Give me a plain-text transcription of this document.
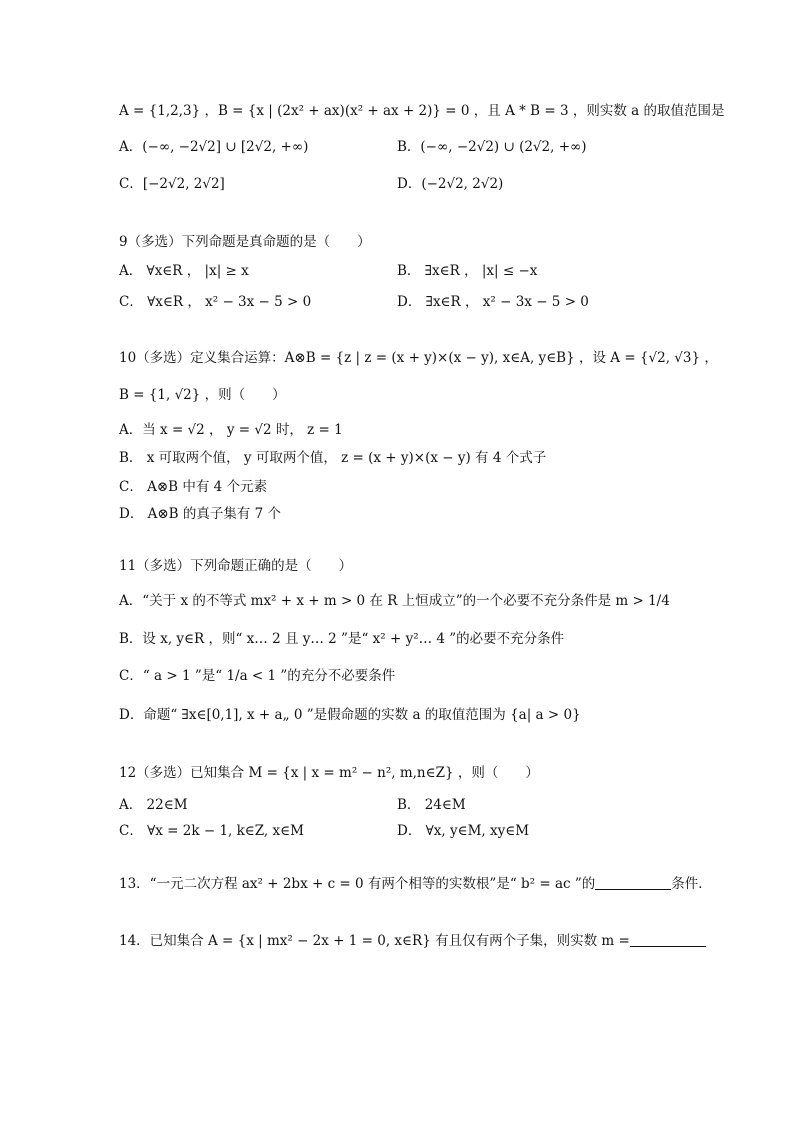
A = {1,2,3} ，B = {x | (2x² + ax)(x² + ax + 2)} = 0 ，且 A * B = 3 ，则实数 a 的取值范围是
A．(−∞, −2√2] ∪ [2√2, +∞)	B．(−∞, −2√2) ∪ (2√2, +∞)
C．[−2√2, 2√2]	D．(−2√2, 2√2)
9（多选）下列命题是真命题的是（　　）
A． ∀x∈R ， |x| ≥ x	B． ∃x∈R ， |x| ≤ −x
C． ∀x∈R ， x² − 3x − 5 > 0	D． ∃x∈R ， x² − 3x − 5 > 0
10（多选）定义集合运算：A⊗B = {z | z = (x + y)×(x − y), x∈A, y∈B} ，设 A = {√2, √3} ，
B = {1, √2} ，则（　　）
A．当 x = √2 ， y = √2 时， z = 1
B． x 可取两个值， y 可取两个值， z = (x + y)×(x − y) 有 4 个式子
C． A⊗B 中有 4 个元素
D． A⊗B 的真子集有 7 个
11（多选）下列命题正确的是（　　）
A．“关于 x 的不等式 mx² + x + m > 0 在 R 上恒成立”的一个必要不充分条件是 m > 1/4
B．设 x, y∈R ，则“ x… 2 且 y… 2 ”是“ x² + y²… 4 ”的必要不充分条件
C．“ a > 1 ”是“ 1/a < 1 ”的充分不必要条件
D．命题“ ∃x∈[0,1], x + a„ 0 ”是假命题的实数 a 的取值范围为 {a| a > 0}
12（多选）已知集合 M = {x | x = m² − n², m,n∈Z} ，则（　　）
A． 22∈M	B． 24∈M
C． ∀x = 2k − 1, k∈Z, x∈M	D． ∀x, y∈M, xy∈M
13．“一元二次方程 ax² + 2bx + c = 0 有两个相等的实数根”是“ b² = ac ”的	条件．
14．已知集合 A = {x | mx² − 2x + 1 = 0, x∈R} 有且仅有两个子集，则实数 m =
